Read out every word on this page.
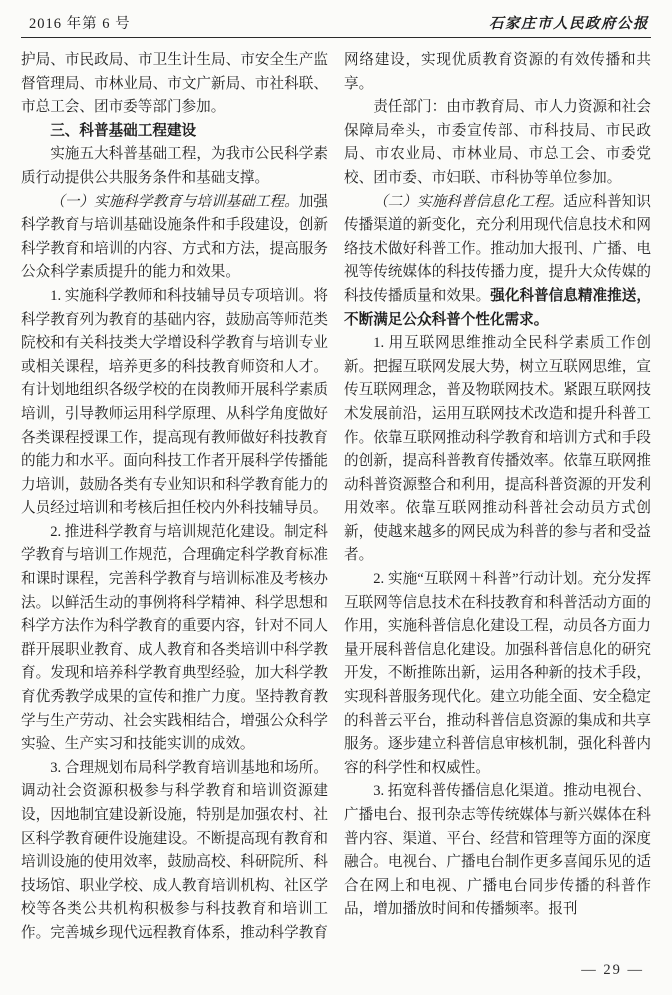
2016 年第 6 号	石家庄市人民政府公报

护局、市民政局、市卫生计生局、市安全生产监督管理局、市林业局、市文广新局、市社科联、市总工会、团市委等部门参加。

三、科普基础工程建设

实施五大科普基础工程，为我市公民科学素质行动提供公共服务条件和基础支撑。

（一）实施科学教育与培训基础工程。加强科学教育与培训基础设施条件和手段建设，创新科学教育和培训的内容、方式和方法，提高服务公众科学素质提升的能力和效果。

1. 实施科学教师和科技辅导员专项培训。将科学教育列为教育的基础内容，鼓励高等师范类院校和有关科技类大学增设科学教育与培训专业或相关课程，培养更多的科技教育师资和人才。有计划地组织各级学校的在岗教师开展科学素质培训，引导教师运用科学原理、从科学角度做好各类课程授课工作，提高现有教师做好科技教育的能力和水平。面向科技工作者开展科学传播能力培训，鼓励各类有专业知识和科学教育能力的人员经过培训和考核后担任校内外科技辅导员。

2. 推进科学教育与培训规范化建设。制定科学教育与培训工作规范，合理确定科学教育标准和课时课程，完善科学教育与培训标准及考核办法。以鲜活生动的事例将科学精神、科学思想和科学方法作为科学教育的重要内容，针对不同人群开展职业教育、成人教育和各类培训中科学教育。发现和培养科学教育典型经验，加大科学教育优秀教学成果的宣传和推广力度。坚持教育教学与生产劳动、社会实践相结合，增强公众科学实验、生产实习和技能实训的成效。

3. 合理规划布局科学教育培训基地和场所。调动社会资源积极参与科学教育和培训资源建设，因地制宜建设新设施，特别是加强农村、社区科学教育硬件设施建设。不断提高现有教育和培训设施的使用效率，鼓励高校、科研院所、科技场馆、职业学校、成人教育培训机构、社区学校等各类公共机构积极参与科技教育和培训工作。完善城乡现代远程教育体系，推动科学教育网络建设，实现优质教育资源的有效传播和共享。

责任部门：由市教育局、市人力资源和社会保障局牵头，市委宣传部、市科技局、市民政局、市农业局、市林业局、市总工会、市委党校、团市委、市妇联、市科协等单位参加。

（二）实施科普信息化工程。适应科普知识传播渠道的新变化，充分利用现代信息技术和网络技术做好科普工作。推动加大报刊、广播、电视等传统媒体的科技传播力度，提升大众传媒的科技传播质量和效果。强化科普信息精准推送，不断满足公众科普个性化需求。

1. 用互联网思维推动全民科学素质工作创新。把握互联网发展大势，树立互联网思维，宣传互联网理念，普及物联网技术。紧跟互联网技术发展前沿，运用互联网技术改造和提升科普工作。依靠互联网推动科学教育和培训方式和手段的创新，提高科普教育传播效率。依靠互联网推动科普资源整合和利用，提高科普资源的开发利用效率。依靠互联网推动科普社会动员方式创新，使越来越多的网民成为科普的参与者和受益者。

2. 实施“互联网＋科普”行动计划。充分发挥互联网等信息技术在科技教育和科普活动方面的作用，实施科普信息化建设工程，动员各方面力量开展科普信息化建设。加强科普信息化的研究开发，不断推陈出新，运用各种新的技术手段，实现科普服务现代化。建立功能全面、安全稳定的科普云平台，推动科普信息资源的集成和共享服务。逐步建立科普信息审核机制，强化科普内容的科学性和权威性。

3. 拓宽科普传播信息化渠道。推动电视台、广播电台、报刊杂志等传统媒体与新兴媒体在科普内容、渠道、平台、经营和管理等方面的深度融合。电视台、广播电台制作更多喜闻乐见的适合在网上和电视、广播电台同步传播的科普作品，增加播放时间和传播频率。报刊

— 29 —
